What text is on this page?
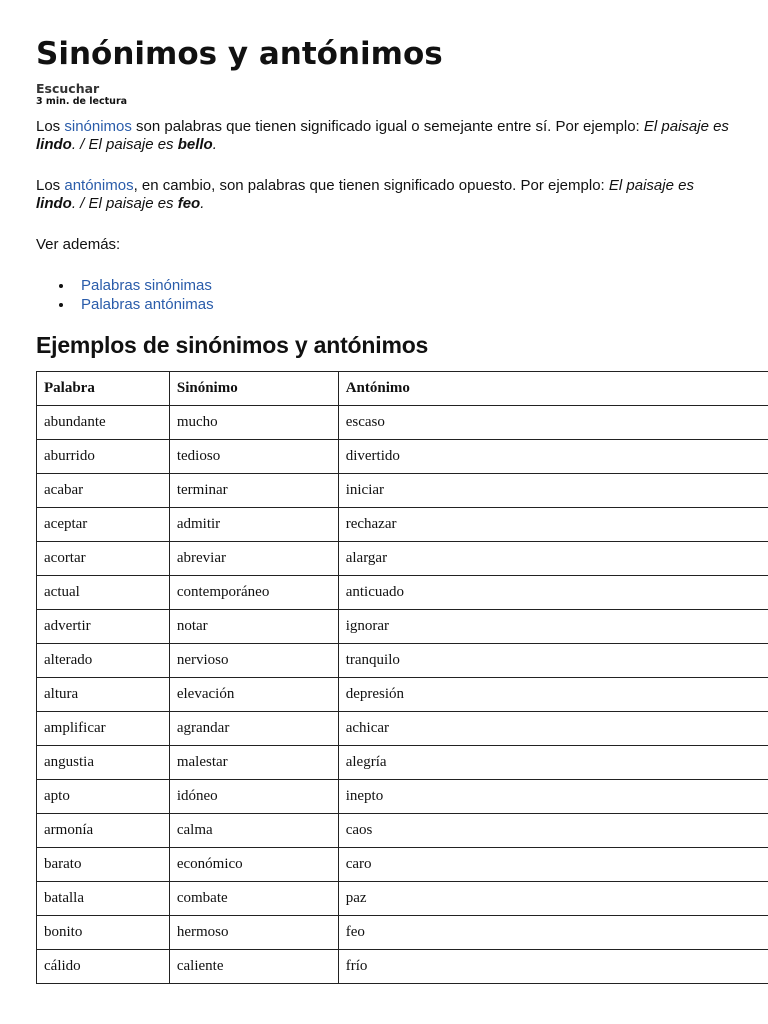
Sinónimos y antónimos
Escuchar
3 min. de lectura

Los sinónimos son palabras que tienen significado igual o semejante entre sí. Por ejemplo: El paisaje es lindo. / El paisaje es bello.

Los antónimos, en cambio, son palabras que tienen significado opuesto. Por ejemplo: El paisaje es lindo. / El paisaje es feo.

Ver además:

Palabras sinónimas
Palabras antónimas
Ejemplos de sinónimos y antónimos
Palabra	Sinónimo	Antónimo
abundante	mucho	escaso
aburrido	tedioso	divertido
acabar	terminar	iniciar
aceptar	admitir	rechazar
acortar	abreviar	alargar
actual	contemporáneo	anticuado
advertir	notar	ignorar
alterado	nervioso	tranquilo
altura	elevación	depresión
amplificar	agrandar	achicar
angustia	malestar	alegría
apto	idóneo	inepto
armonía	calma	caos
barato	económico	caro
batalla	combate	paz
bonito	hermoso	feo
cálido	caliente	frío
